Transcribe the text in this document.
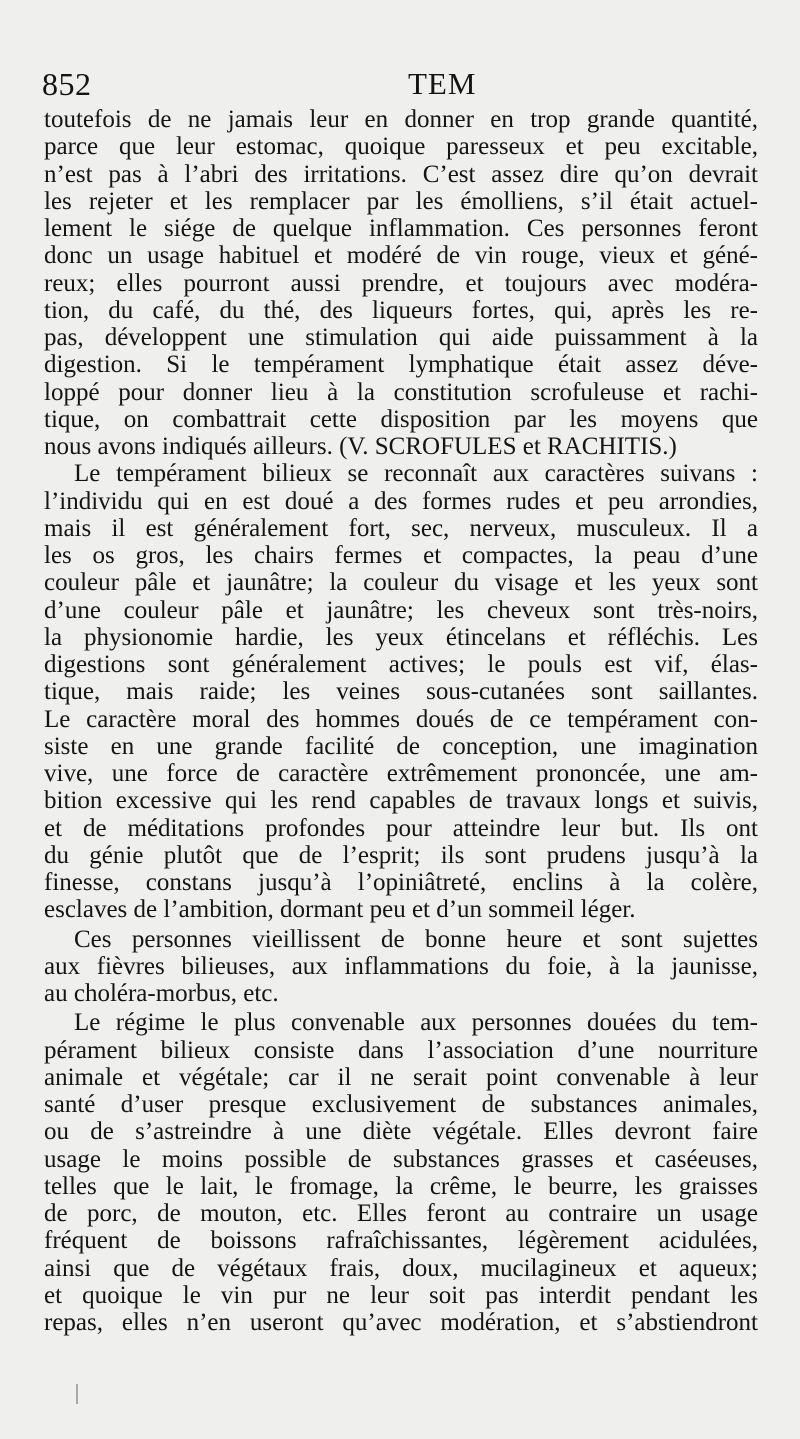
852	TEM
toutefois de ne jamais leur en donner en trop grande quantité,
parce que leur estomac, quoique paresseux et peu excitable,
n’est pas à l’abri des irritations. C’est assez dire qu’on devrait
les rejeter et les remplacer par les émolliens, s’il était actuel-
lement le siége de quelque inflammation. Ces personnes feront
donc un usage habituel et modéré de vin rouge, vieux et géné-
reux; elles pourront aussi prendre, et toujours avec modéra-
tion, du café, du thé, des liqueurs fortes, qui, après les re-
pas, développent une stimulation qui aide puissamment à la
digestion. Si le tempérament lymphatique était assez déve-
loppé pour donner lieu à la constitution scrofuleuse et rachi-
tique, on combattrait cette disposition par les moyens que
nous avons indiqués ailleurs. (V. SCROFULES et RACHITIS.)
Le tempérament bilieux se reconnaît aux caractères suivans :
l’individu qui en est doué a des formes rudes et peu arrondies,
mais il est généralement fort, sec, nerveux, musculeux. Il a
les os gros, les chairs fermes et compactes, la peau d’une
couleur pâle et jaunâtre; la couleur du visage et les yeux sont
d’une couleur pâle et jaunâtre; les cheveux sont très-noirs,
la physionomie hardie, les yeux étincelans et réfléchis. Les
digestions sont généralement actives; le pouls est vif, élas-
tique, mais raide; les veines sous-cutanées sont saillantes.
Le caractère moral des hommes doués de ce tempérament con-
siste en une grande facilité de conception, une imagination
vive, une force de caractère extrêmement prononcée, une am-
bition excessive qui les rend capables de travaux longs et suivis,
et de méditations profondes pour atteindre leur but. Ils ont
du génie plutôt que de l’esprit; ils sont prudens jusqu’à la
finesse, constans jusqu’à l’opiniâtreté, enclins à la colère,
esclaves de l’ambition, dormant peu et d’un sommeil léger.
Ces personnes vieillissent de bonne heure et sont sujettes
aux fièvres bilieuses, aux inflammations du foie, à la jaunisse,
au choléra-morbus, etc.
Le régime le plus convenable aux personnes douées du tem-
pérament bilieux consiste dans l’association d’une nourriture
animale et végétale; car il ne serait point convenable à leur
santé d’user presque exclusivement de substances animales,
ou de s’astreindre à une diète végétale. Elles devront faire
usage le moins possible de substances grasses et caséeuses,
telles que le lait, le fromage, la crême, le beurre, les graisses
de porc, de mouton, etc. Elles feront au contraire un usage
fréquent de boissons rafraîchissantes, légèrement acidulées,
ainsi que de végétaux frais, doux, mucilagineux et aqueux;
et quoique le vin pur ne leur soit pas interdit pendant les
repas, elles n’en useront qu’avec modération, et s’abstiendront
